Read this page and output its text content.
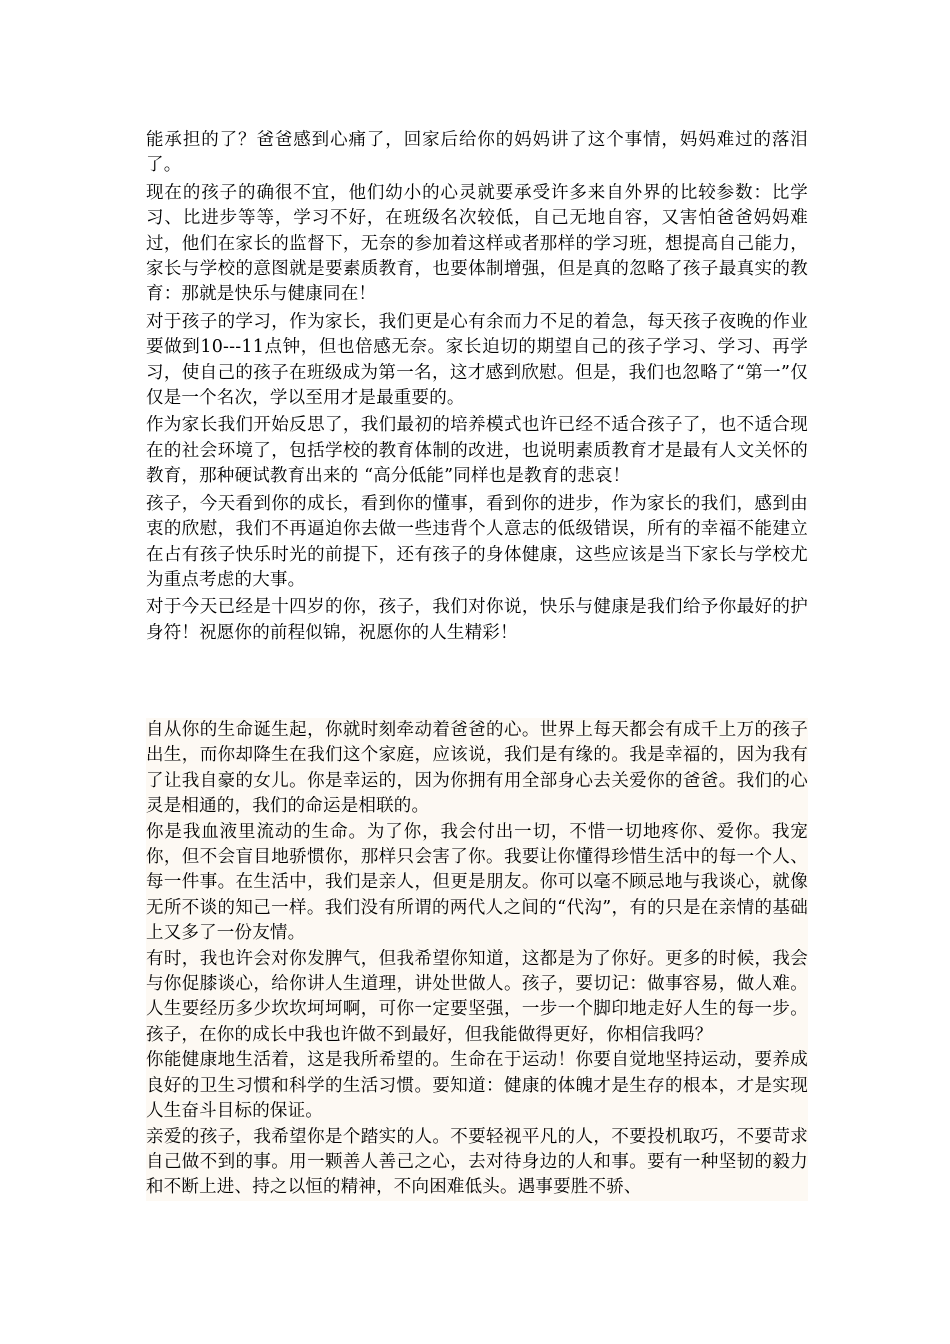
能承担的了？爸爸感到心痛了，回家后给你的妈妈讲了这个事情，妈妈难过的落泪了。

现在的孩子的确很不宜，他们幼小的心灵就要承受许多来自外界的比较参数：比学习、比进步等等，学习不好，在班级名次较低，自己无地自容，又害怕爸爸妈妈难过，他们在家长的监督下，无奈的参加着这样或者那样的学习班，想提高自己能力，家长与学校的意图就是要素质教育，也要体制增强，但是真的忽略了孩子最真实的教育：那就是快乐与健康同在！

对于孩子的学习，作为家长，我们更是心有余而力不足的着急，每天孩子夜晚的作业要做到10---11点钟，但也倍感无奈。家长迫切的期望自己的孩子学习、学习、再学习，使自己的孩子在班级成为第一名，这才感到欣慰。但是，我们也忽略了“第一”仅仅是一个名次，学以至用才是最重要的。

作为家长我们开始反思了，我们最初的培养模式也许已经不适合孩子了，也不适合现在的社会环境了，包括学校的教育体制的改进，也说明素质教育才是最有人文关怀的教育，那种硬试教育出来的 “高分低能”同样也是教育的悲哀！

孩子，今天看到你的成长，看到你的懂事，看到你的进步，作为家长的我们，感到由衷的欣慰，我们不再逼迫你去做一些违背个人意志的低级错误，所有的幸福不能建立在占有孩子快乐时光的前提下，还有孩子的身体健康，这些应该是当下家长与学校尤为重点考虑的大事。

对于今天已经是十四岁的你，孩子，我们对你说，快乐与健康是我们给予你最好的护身符！祝愿你的前程似锦，祝愿你的人生精彩！

自从你的生命诞生起，你就时刻牵动着爸爸的心。世界上每天都会有成千上万的孩子出生，而你却降生在我们这个家庭，应该说，我们是有缘的。我是幸福的，因为我有了让我自豪的女儿。你是幸运的，因为你拥有用全部身心去关爱你的爸爸。我们的心灵是相通的，我们的命运是相联的。

你是我血液里流动的生命。为了你，我会付出一切，不惜一切地疼你、爱你。我宠你，但不会盲目地骄惯你，那样只会害了你。我要让你懂得珍惜生活中的每一个人、每一件事。在生活中，我们是亲人，但更是朋友。你可以毫不顾忌地与我谈心，就像无所不谈的知己一样。我们没有所谓的两代人之间的“代沟”，有的只是在亲情的基础上又多了一份友情。

有时，我也许会对你发脾气，但我希望你知道，这都是为了你好。更多的时候，我会与你促膝谈心，给你讲人生道理，讲处世做人。孩子，要切记：做事容易，做人难。人生要经历多少坎坎坷坷啊，可你一定要坚强，一步一个脚印地走好人生的每一步。孩子，在你的成长中我也许做不到最好，但我能做得更好，你相信我吗？

你能健康地生活着，这是我所希望的。生命在于运动！你要自觉地坚持运动，要养成良好的卫生习惯和科学的生活习惯。要知道：健康的体魄才是生存的根本，才是实现人生奋斗目标的保证。

亲爱的孩子，我希望你是个踏实的人。不要轻视平凡的人，不要投机取巧，不要苛求自己做不到的事。用一颗善人善己之心，去对待身边的人和事。要有一种坚韧的毅力和不断上进、持之以恒的精神，不向困难低头。遇事要胜不骄、
